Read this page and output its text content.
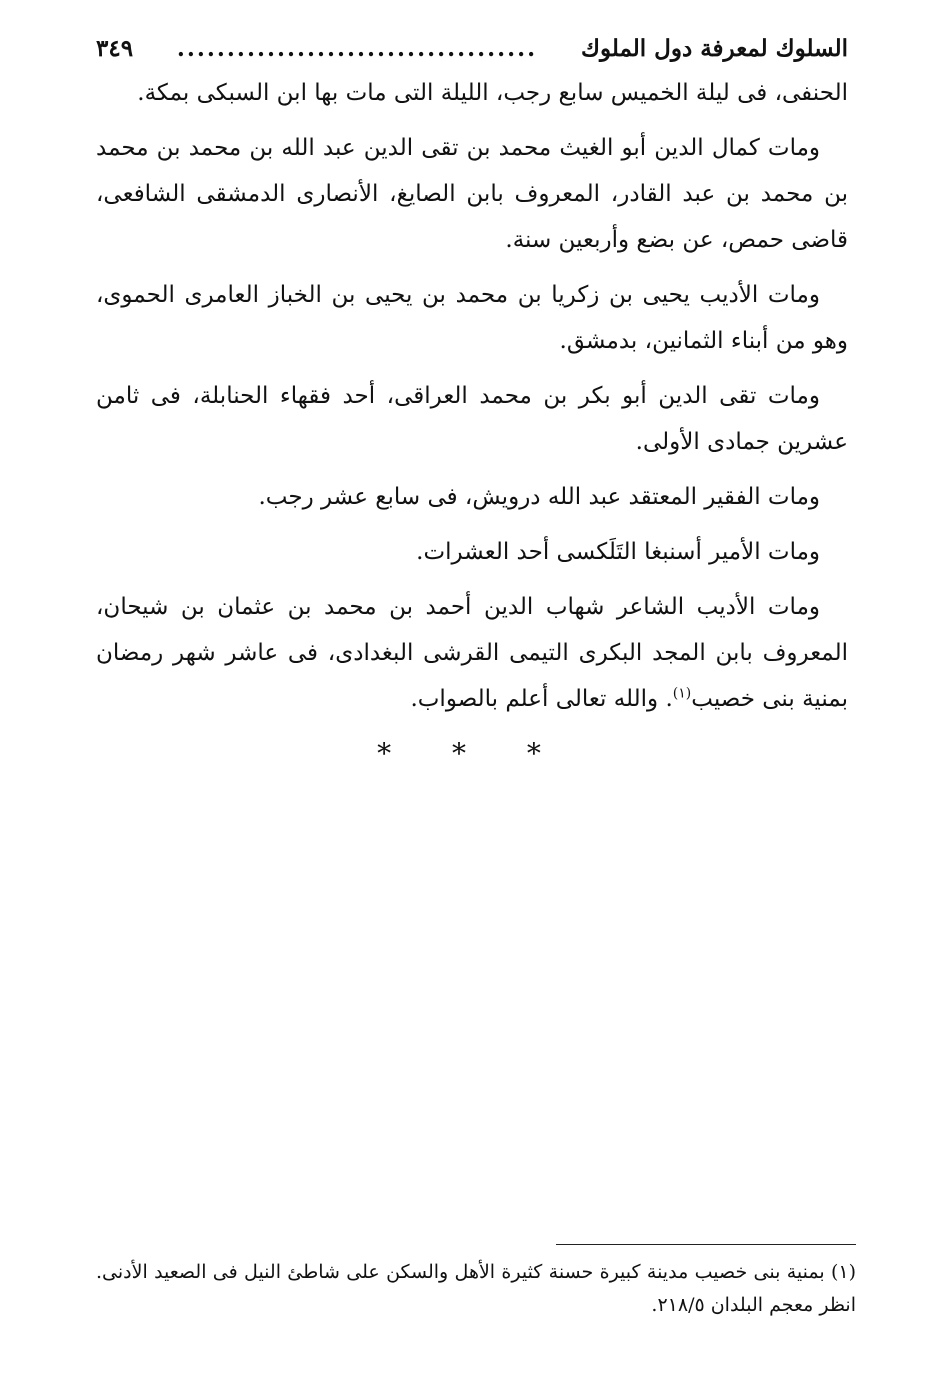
السلوك لمعرفة دول الملوك
....................................
٣٤٩

الحنفى، فى ليلة الخميس سابع رجب، الليلة التى مات بها ابن السبكى بمكة.

ومات كمال الدين أبو الغيث محمد بن تقى الدين عبد الله بن محمد بن محمد بن محمد بن عبد القادر، المعروف بابن الصايغ، الأنصارى الدمشقى الشافعى، قاضى حمص، عن بضع وأربعين سنة.

ومات الأديب يحيى بن زكريا بن محمد بن يحيى بن الخباز العامرى الحموى، وهو من أبناء الثمانين، بدمشق.

ومات تقى الدين أبو بكر بن محمد العراقى، أحد فقهاء الحنابلة، فى ثامن عشرين جمادى الأولى.

ومات الفقير المعتقد عبد الله درويش، فى سابع عشر رجب.

ومات الأمير أسنبغا التَلَكسى أحد العشرات.

ومات الأديب الشاعر شهاب الدين أحمد بن محمد بن عثمان بن شيحان، المعروف بابن المجد البكرى التيمى القرشى البغدادى، فى عاشر شهر رمضان بمنية بنى خصيب$^{(١)}$. والله تعالى أعلم بالصواب.

* * *
(١) بمنية بنى خصيب مدينة كبيرة حسنة كثيرة الأهل والسكن على شاطئ النيل فى الصعيد الأدنى. انظر معجم البلدان ٢١٨/٥.
